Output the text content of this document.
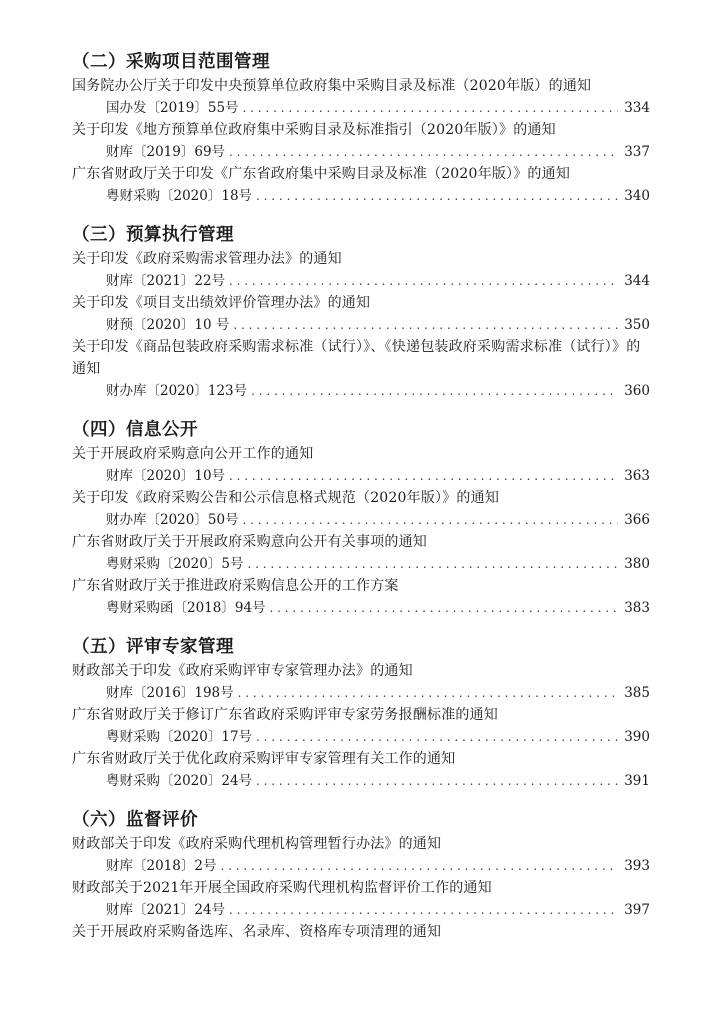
（二）采购项目范围管理
国务院办公厅关于印发中央预算单位政府集中采购目录及标准（2020年版）的通知
国办发〔2019〕55号 . . .	334
关于印发《地方预算单位政府集中采购目录及标准指引（2020年版）》的通知
财库〔2019〕69号 . . .	337
广东省财政厅关于印发《广东省政府集中采购目录及标准（2020年版）》的通知
粤财采购〔2020〕18号 . . .	340
（三）预算执行管理
关于印发《政府采购需求管理办法》的通知
财库〔2021〕22号 . . .	344
关于印发《项目支出绩效评价管理办法》的通知
财预〔2020〕10 号 . . .	350
关于印发《商品包装政府采购需求标准（试行）》、《快递包装政府采购需求标准（试行）》的通知
财办库〔2020〕123号 . . .	360
（四）信息公开
关于开展政府采购意向公开工作的通知
财库〔2020〕10号 . . .	363
关于印发《政府采购公告和公示信息格式规范（2020年版）》的通知
财办库〔2020〕50号 . . .	366
广东省财政厅关于开展政府采购意向公开有关事项的通知
粤财采购〔2020〕5号 . . .	380
广东省财政厅关于推进政府采购信息公开的工作方案
粤财采购函〔2018〕94号 . . .	383
（五）评审专家管理
财政部关于印发《政府采购评审专家管理办法》的通知
财库〔2016〕198号 . . .	385
广东省财政厅关于修订广东省政府采购评审专家劳务报酬标准的通知
粤财采购〔2020〕17号 . . .	390
广东省财政厅关于优化政府采购评审专家管理有关工作的通知
粤财采购〔2020〕24号 . . .	391
（六）监督评价
财政部关于印发《政府采购代理机构管理暂行办法》的通知
财库〔2018〕2号 . . .	393
财政部关于2021年开展全国政府采购代理机构监督评价工作的通知
财库〔2021〕24号 . . .	397
关于开展政府采购备选库、名录库、资格库专项清理的通知
